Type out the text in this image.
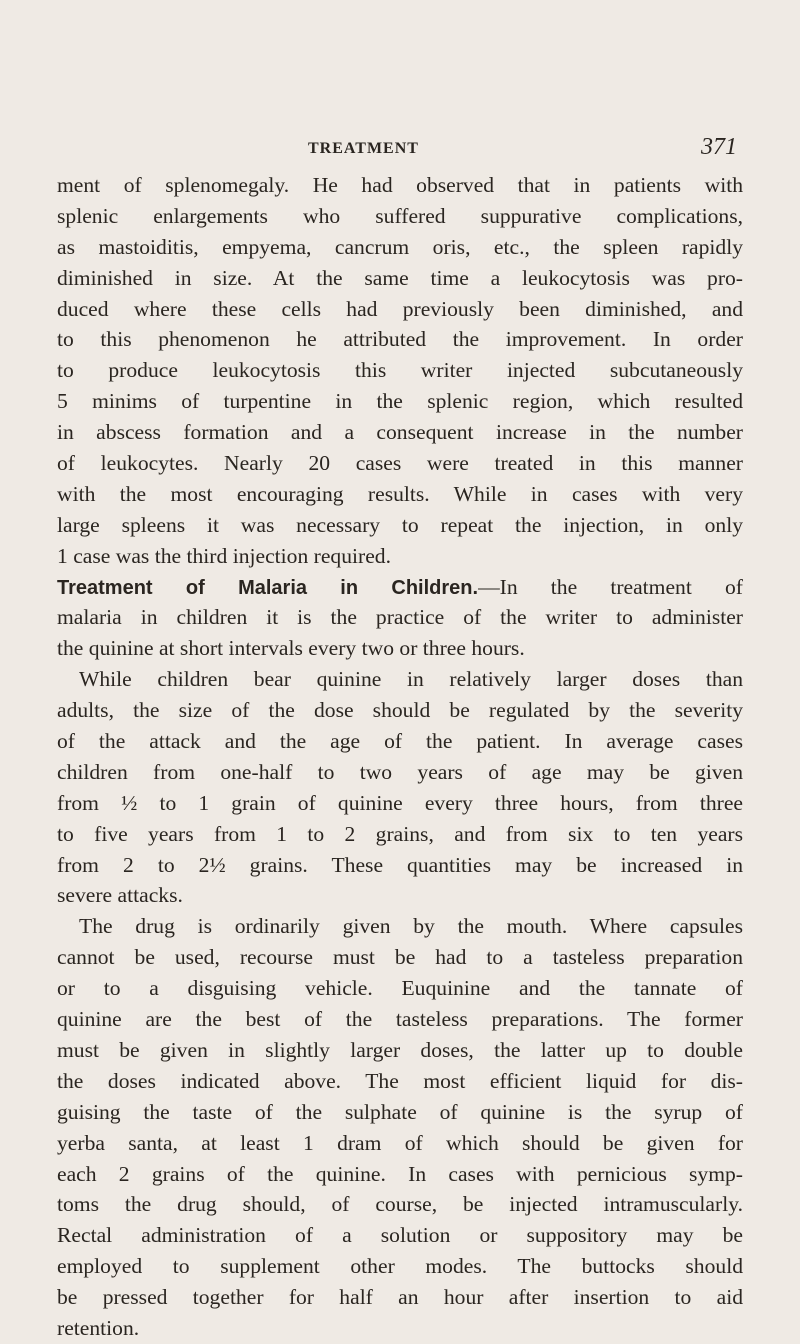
TREATMENT	371
ment of splenomegaly. He had observed that in patients with
splenic enlargements who suffered suppurative complications,
as mastoiditis, empyema, cancrum oris, etc., the spleen rapidly
diminished in size. At the same time a leukocytosis was pro-
duced where these cells had previously been diminished, and
to this phenomenon he attributed the improvement. In order
to produce leukocytosis this writer injected subcutaneously
5 minims of turpentine in the splenic region, which resulted
in abscess formation and a consequent increase in the number
of leukocytes. Nearly 20 cases were treated in this manner
with the most encouraging results. While in cases with very
large spleens it was necessary to repeat the injection, in only
1 case was the third injection required.
Treatment of Malaria in Children.—In the treatment of
malaria in children it is the practice of the writer to administer
the quinine at short intervals every two or three hours.
While children bear quinine in relatively larger doses than
adults, the size of the dose should be regulated by the severity
of the attack and the age of the patient. In average cases
children from one-half to two years of age may be given
from ½ to 1 grain of quinine every three hours, from three
to five years from 1 to 2 grains, and from six to ten years
from 2 to 2½ grains. These quantities may be increased in
severe attacks.
The drug is ordinarily given by the mouth. Where capsules
cannot be used, recourse must be had to a tasteless preparation
or to a disguising vehicle. Euquinine and the tannate of
quinine are the best of the tasteless preparations. The former
must be given in slightly larger doses, the latter up to double
the doses indicated above. The most efficient liquid for dis-
guising the taste of the sulphate of quinine is the syrup of
yerba santa, at least 1 dram of which should be given for
each 2 grains of the quinine. In cases with pernicious symp-
toms the drug should, of course, be injected intramuscularly.
Rectal administration of a solution or suppository may be
employed to supplement other modes. The buttocks should
be pressed together for half an hour after insertion to aid
retention.
